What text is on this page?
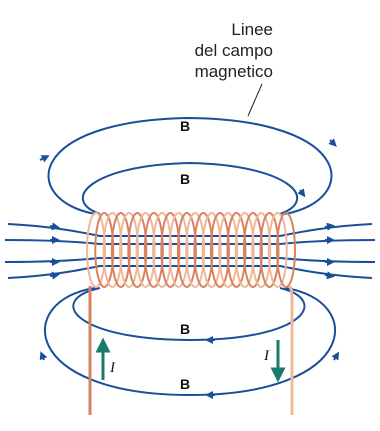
Linee
del campo
magnetico
B
B
B
B
I
I
